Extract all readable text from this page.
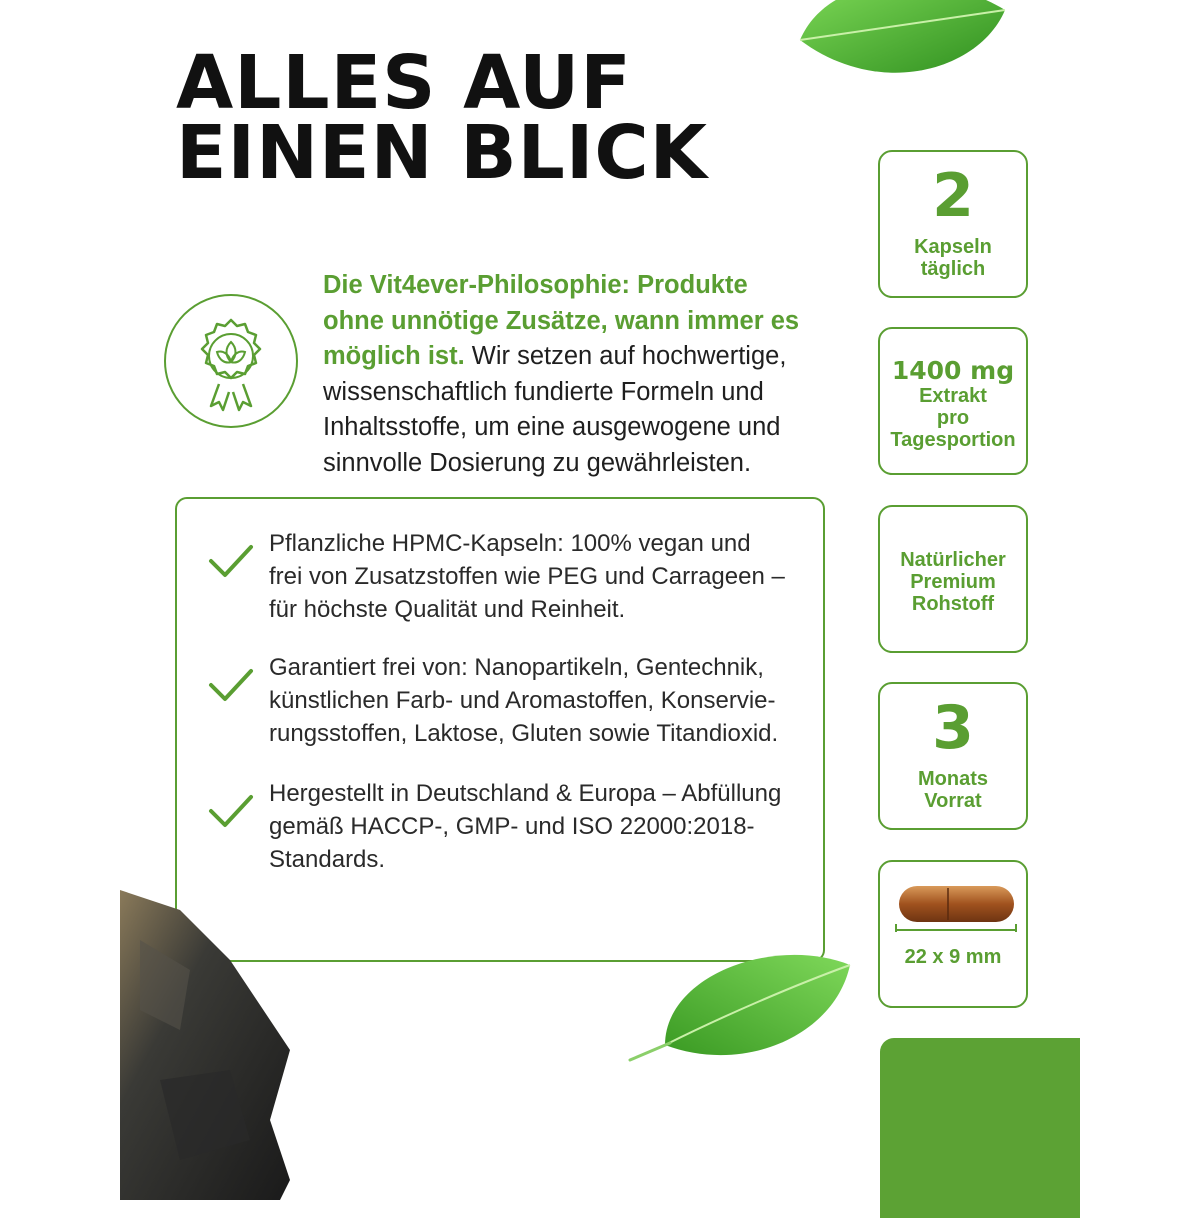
ALLES AUF
EINEN BLICK
Die Vit4ever-Philosophie: Produkte ohne unnötige Zusätze, wann immer es möglich ist. Wir setzen auf hochwertige, wissenschaftlich fundierte Formeln und Inhaltsstoffe, um eine ausgewogene und sinnvolle Dosierung zu gewährleisten.
Pflanzliche HPMC-Kapseln: 100% vegan und frei von Zusatzstoffen wie PEG und Carrageen – für höchste Qualität und Reinheit.
Garantiert frei von: Nanopartikeln, Gentechnik, künstlichen Farb- und Aromastoffen, Konservie-rungsstoffen, Laktose, Gluten sowie Titandioxid.
Hergestellt in Deutschland & Europa – Abfüllung gemäß HACCP-, GMP- und ISO 22000:2018-Standards.
2
Kapseln
täglich
1400 mg
Extrakt
pro
Tagesportion
Natürlicher
Premium
Rohstoff
3
Monats
Vorrat
22 x 9 mm
